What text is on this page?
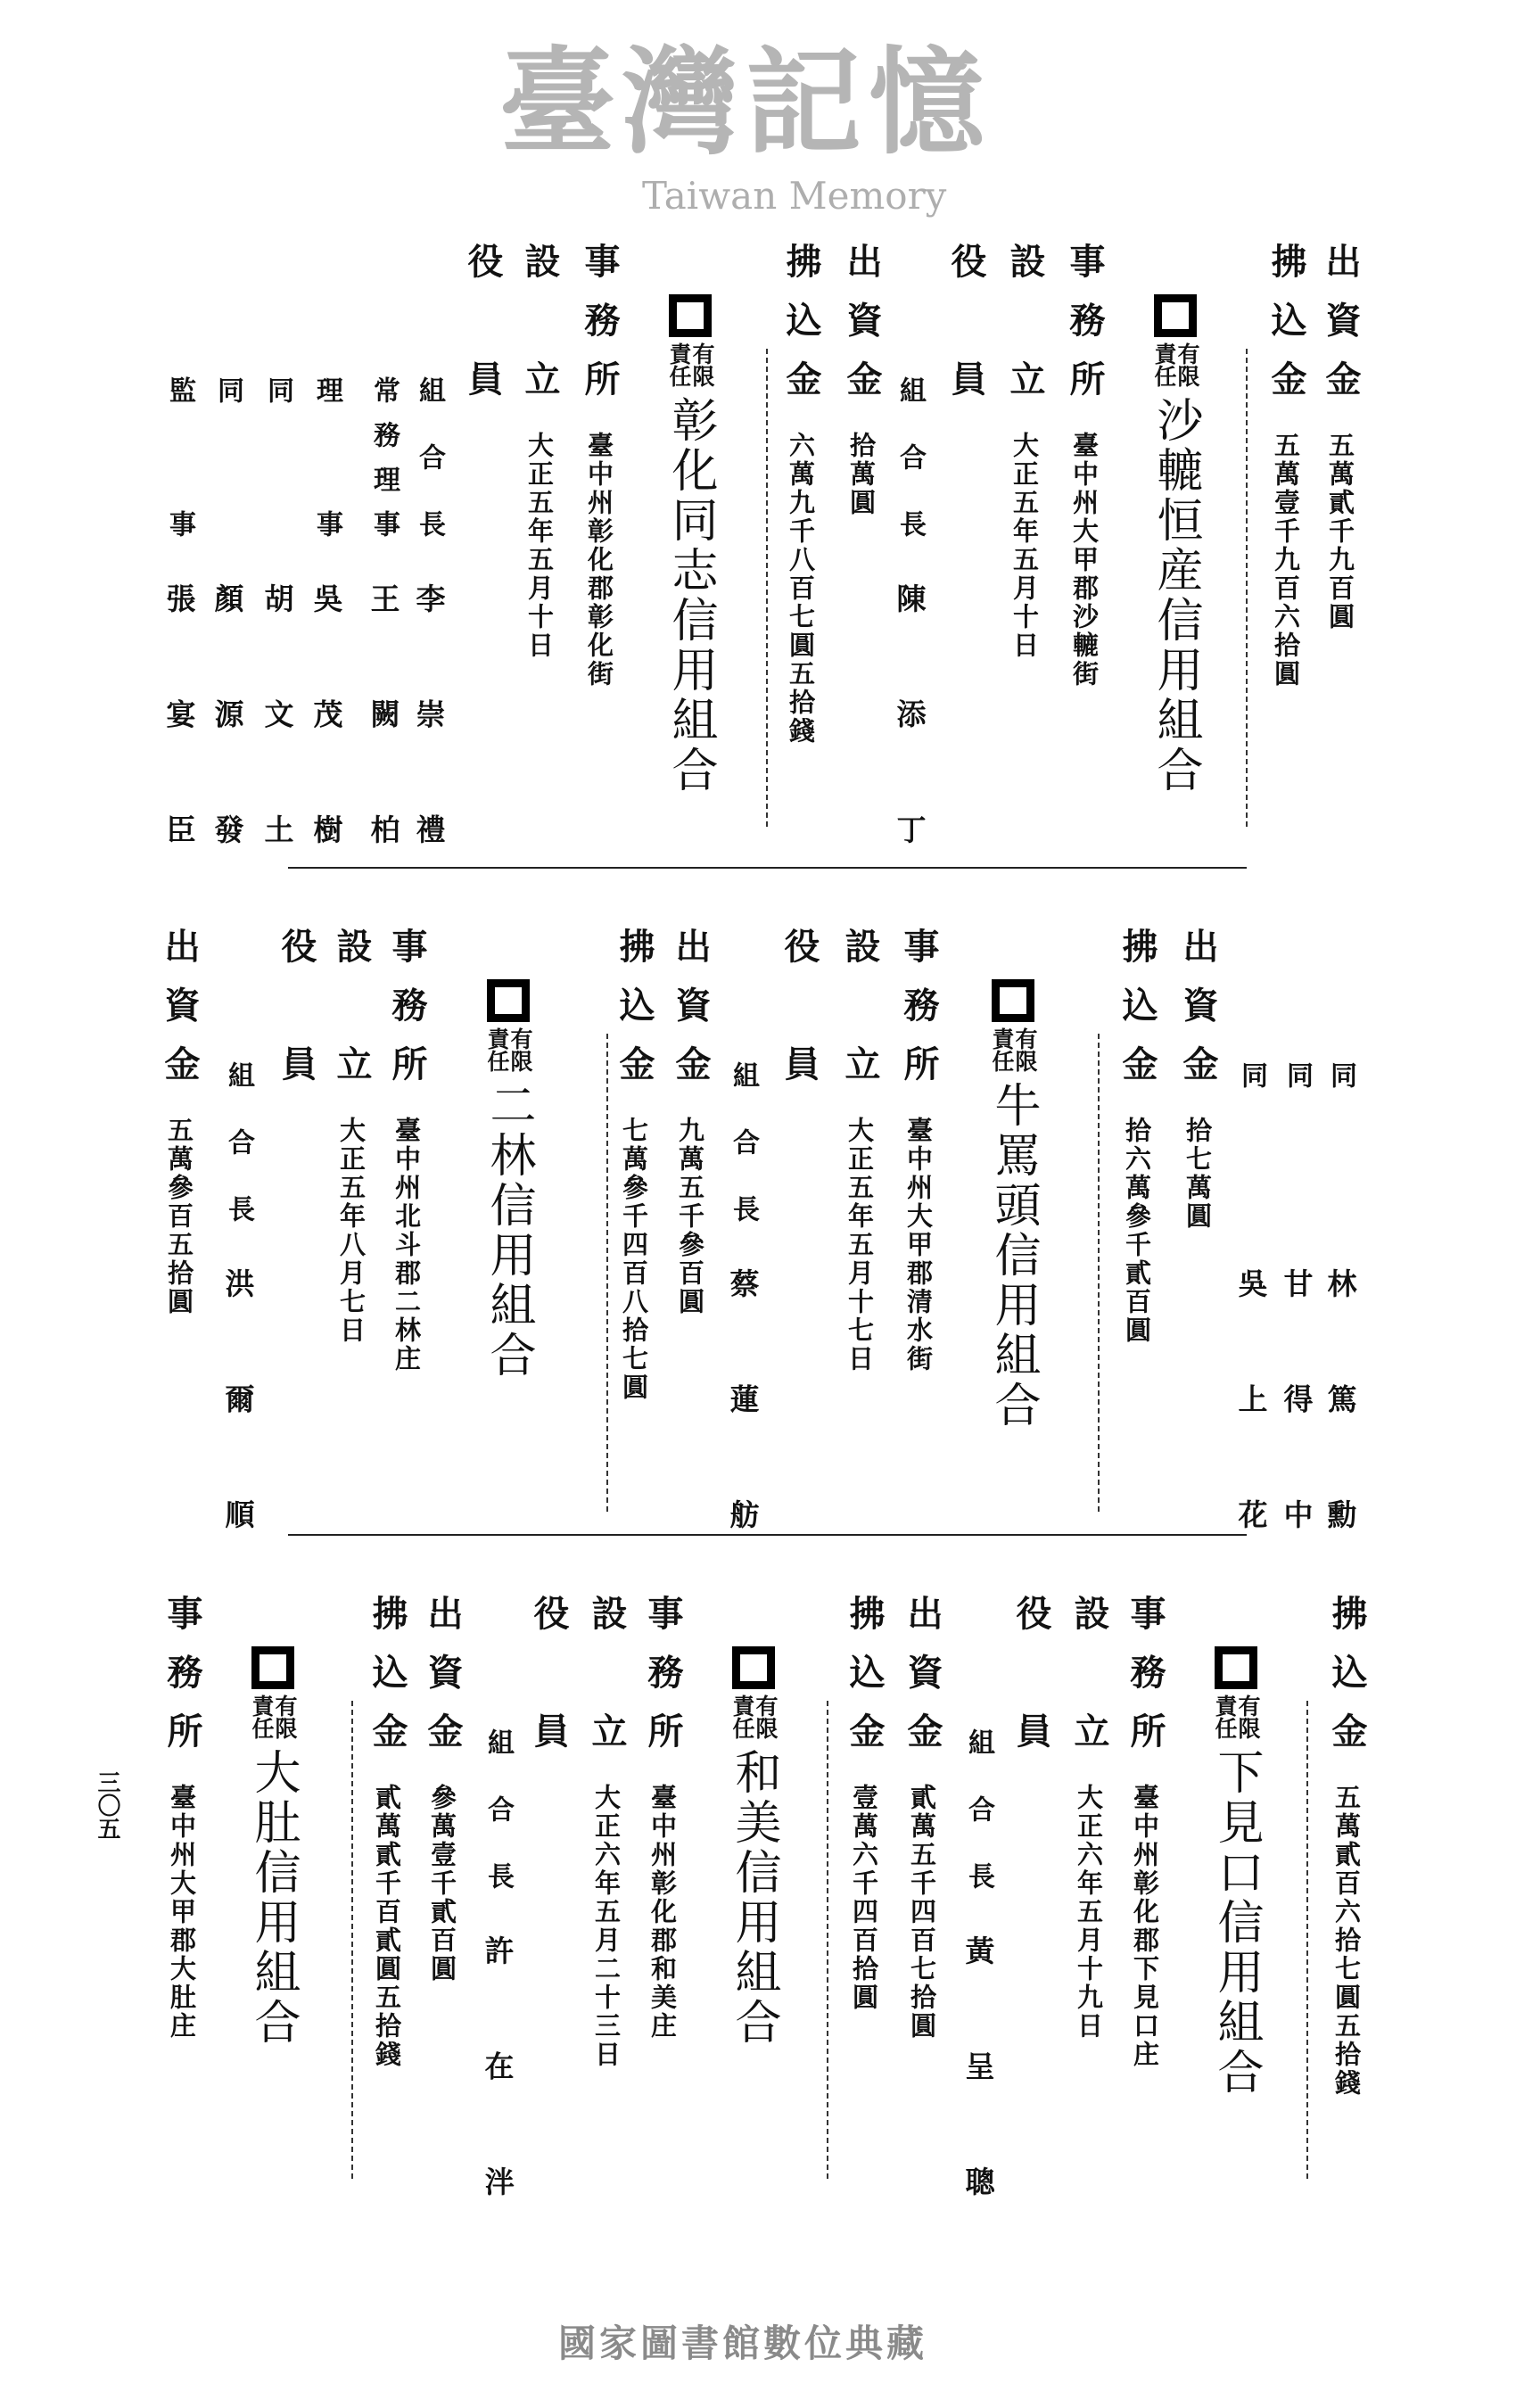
三〇五
臺灣記憶
Taiwan Memory
國家圖書館數位典藏
出資金
五萬貳千九百圓
拂込金
五萬壹千九百六拾圓
有限責任
沙轆恒産信用組合
事務所
臺中州大甲郡沙轆街
設立
大正五年五月十日
役員
組合長
陳添丁
出資金
拾萬圓
拂込金
六萬九千八百七圓五拾錢
有限責任
彰化同志信用組合
事務所
臺中州彰化郡彰化街
設立
大正五年五月十日
役員
組合長
李崇禮
常務理事
王闕柏
理事
吳茂樹
同
胡文土
同
顏源發
監事
張宴臣
同
林篤勳
同
甘得中
同
吳上花
出資金
拾七萬圓
拂込金
拾六萬參千貳百圓
有限責任
牛罵頭信用組合
事務所
臺中州大甲郡清水街
設立
大正五年五月十七日
役員
組合長
蔡蓮舫
出資金
九萬五千參百圓
拂込金
七萬參千四百八拾七圓
有限責任
二林信用組合
事務所
臺中州北斗郡二林庄
設立
大正五年八月七日
役員
組合長
洪爾順
出資金
五萬參百五拾圓
拂込金
五萬貳百六拾七圓五拾錢
有限責任
下見口信用組合
事務所
臺中州彰化郡下見口庄
設立
大正六年五月十九日
役員
組合長
黃呈聰
出資金
貳萬五千四百七拾圓
拂込金
壹萬六千四百拾圓
有限責任
和美信用組合
事務所
臺中州彰化郡和美庄
設立
大正六年五月二十三日
役員
組合長
許在泮
出資金
參萬壹千貳百圓
拂込金
貳萬貳千百貳圓五拾錢
有限責任
大肚信用組合
事務所
臺中州大甲郡大肚庄
